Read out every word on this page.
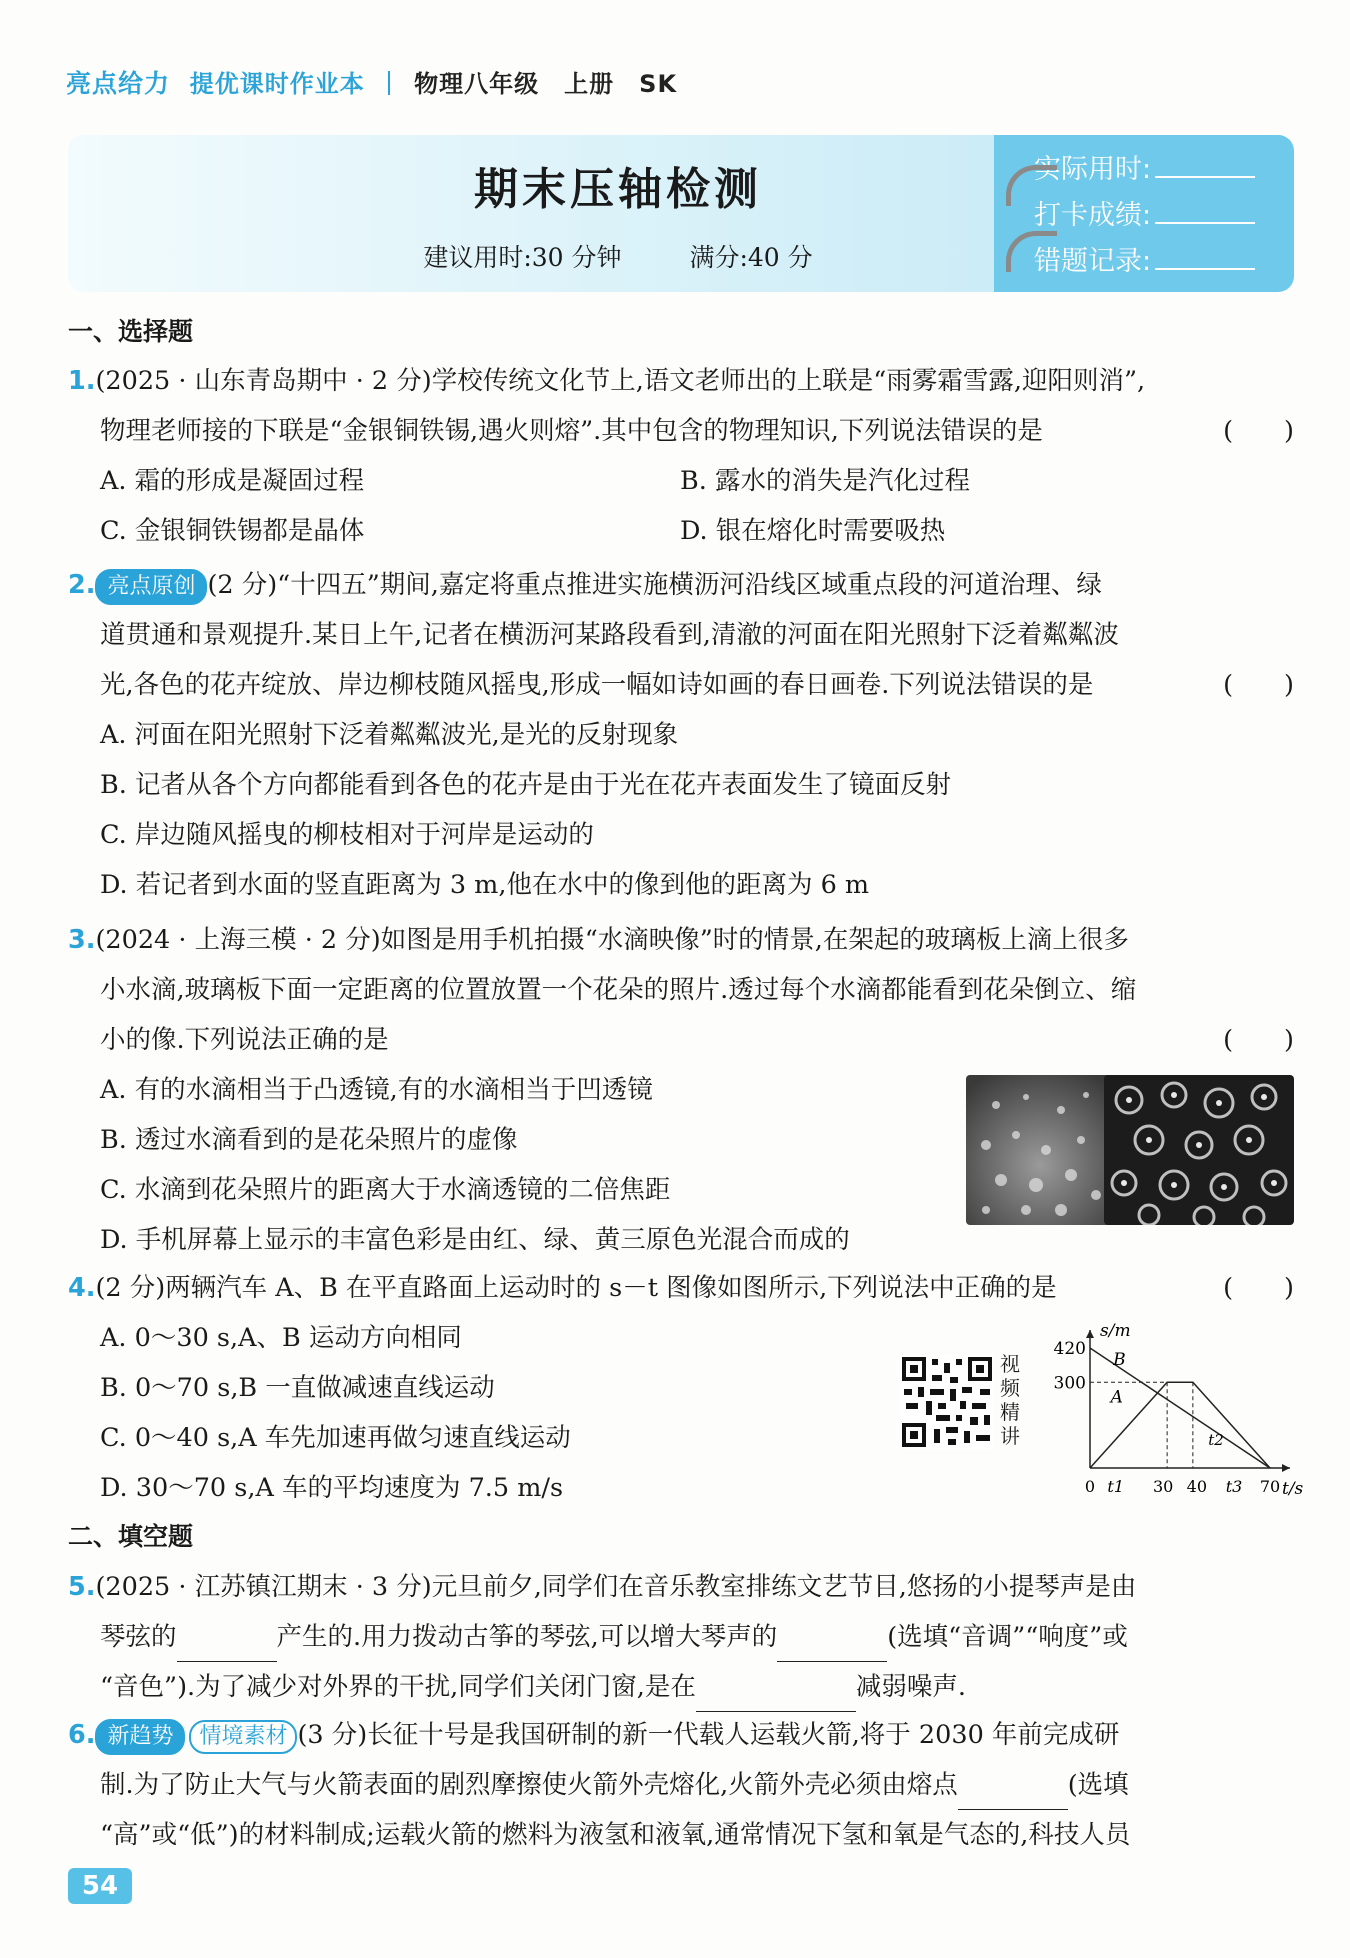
亮点给力 提优课时作业本 物理八年级　上册　SK
期末压轴检测
建议用时:30 分钟	满分:40 分
实际用时:
打卡成绩:
错题记录:
一、选择题
1.(2025 · 山东青岛期中 · 2 分)学校传统文化节上,语文老师出的上联是“雨雾霜雪露,迎阳则消”,
物理老师接的下联是“金银铜铁锡,遇火则熔”.其中包含的物理知识,下列说法错误的是	(　　)
A. 霜的形成是凝固过程	B. 露水的消失是汽化过程
C. 金银铜铁锡都是晶体	D. 银在熔化时需要吸热
2. 亮点原创 (2 分)“十四五”期间,嘉定将重点推进实施横沥河沿线区域重点段的河道治理、绿
道贯通和景观提升.某日上午,记者在横沥河某路段看到,清澈的河面在阳光照射下泛着粼粼波
光,各色的花卉绽放、岸边柳枝随风摇曳,形成一幅如诗如画的春日画卷.下列说法错误的是	(　　)
A. 河面在阳光照射下泛着粼粼波光,是光的反射现象
B. 记者从各个方向都能看到各色的花卉是由于光在花卉表面发生了镜面反射
C. 岸边随风摇曳的柳枝相对于河岸是运动的
D. 若记者到水面的竖直距离为 3 m,他在水中的像到他的距离为 6 m
3.(2024 · 上海三模 · 2 分)如图是用手机拍摄“水滴映像”时的情景,在架起的玻璃板上滴上很多
小水滴,玻璃板下面一定距离的位置放置一个花朵的照片.透过每个水滴都能看到花朵倒立、缩
小的像.下列说法正确的是	(　　)
A. 有的水滴相当于凸透镜,有的水滴相当于凹透镜
B. 透过水滴看到的是花朵照片的虚像
C. 水滴到花朵照片的距离大于水滴透镜的二倍焦距
D. 手机屏幕上显示的丰富色彩是由红、绿、黄三原色光混合而成的
4.(2 分)两辆汽车 A、B 在平直路面上运动时的 s－t 图像如图所示,下列说法中正确的是	(　　)
A. 0～30 s,A、B 运动方向相同
B. 0～70 s,B 一直做减速直线运动
C. 0～40 s,A 车先加速再做匀速直线运动
D. 30～70 s,A 车的平均速度为 7.5 m/s
视
频
精
讲
s/m
t/s
300
420
0 t1 30 40 t3 70
A
B
t2
二、填空题
5.(2025 · 江苏镇江期末 · 3 分)元旦前夕,同学们在音乐教室排练文艺节目,悠扬的小提琴声是由
琴弦的	产生的.用力拨动古筝的琴弦,可以增大琴声的	(选填“音调”“响度”或
“音色”).为了减少对外界的干扰,同学们关闭门窗,是在	减弱噪声.
6. 新趋势 情境素材 (3 分)长征十号是我国研制的新一代载人运载火箭,将于 2030 年前完成研
制.为了防止大气与火箭表面的剧烈摩擦使火箭外壳熔化,火箭外壳必须由熔点	(选填
“高”或“低”)的材料制成;运载火箭的燃料为液氢和液氧,通常情况下氢和氧是气态的,科技人员
54
